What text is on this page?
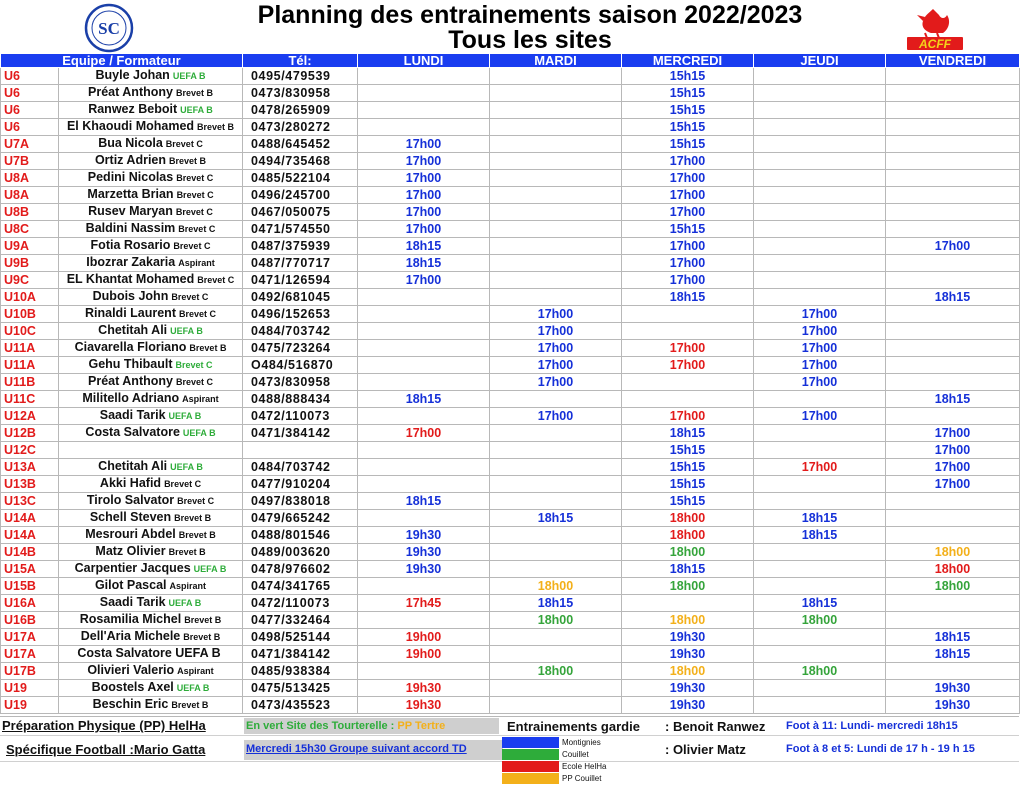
SC	Planning des entrainements saison 2022/2023
Tous les sites	ACFF
Equipe / Formateur		Tél:	LUNDI	MARDI	MERCREDI	JEUDI	VENDREDI
U6	Buyle Johan UEFA B	0495/479539			15h15		
U6	Préat Anthony Brevet B	0473/830958			15h15		
U6	Ranwez Beboit UEFA B	0478/265909			15h15		
U6	El Khaoudi Mohamed Brevet B	0473/280272			15h15		
U7A	Bua Nicola Brevet C	0488/645452	17h00		15h15		
U7B	Ortiz Adrien Brevet B	0494/735468	17h00		17h00		
U8A	Pedini Nicolas Brevet C	0485/522104	17h00		17h00		
U8A	Marzetta Brian Brevet C	0496/245700	17h00		17h00		
U8B	Rusev Maryan Brevet C	0467/050075	17h00		17h00		
U8C	Baldini Nassim Brevet C	0471/574550	17h00		15h15		
U9A	Fotia Rosario Brevet C	0487/375939	18h15		17h00		17h00
U9B	Ibozrar Zakaria Aspirant	0487/770717	18h15		17h00		
U9C	EL Khantat Mohamed Brevet C	0471/126594	17h00		17h00		
U10A	Dubois John Brevet C	0492/681045			18h15		18h15
U10B	Rinaldi Laurent Brevet C	0496/152653		17h00		17h00	
U10C	Chetitah Ali UEFA B	0484/703742		17h00		17h00	
U11A	Ciavarella Floriano Brevet B	0475/723264		17h00	17h00	17h00	
U11A	Gehu Thibault Brevet C	O484/516870		17h00	17h00	17h00	
U11B	Préat Anthony Brevet C	0473/830958		17h00		17h00	
U11C	Militello Adriano Aspirant	0488/888434	18h15				18h15
U12A	Saadi Tarik UEFA B	0472/110073		17h00	17h00	17h00	
U12B	Costa Salvatore UEFA B	0471/384142	17h00		18h15		17h00
U12C					15h15		17h00
U13A	Chetitah Ali UEFA B	0484/703742			15h15	17h00	17h00
U13B	Akki Hafid Brevet C	0477/910204			15h15		17h00
U13C	Tirolo Salvator Brevet C	0497/838018	18h15		15h15		
U14A	Schell Steven Brevet B	0479/665242		18h15	18h00	18h15	
U14A	Mesrouri Abdel Brevet B	0488/801546	19h30		18h00	18h15	
U14B	Matz Olivier Brevet B	0489/003620	19h30		18h00		18h00
U15A	Carpentier Jacques UEFA B	0478/976602	19h30		18h15		18h00
U15B	Gilot Pascal Aspirant	0474/341765		18h00	18h00		18h00
U16A	Saadi Tarik UEFA B	0472/110073	17h45	18h15		18h15	
U16B	Rosamilia Michel Brevet B	0477/332464		18h00	18h00	18h00	
U17A	Dell'Aria Michele Brevet B	0498/525144	19h00		19h30		18h15
U17A	Costa Salvatore UEFA B	0471/384142	19h00		19h30		18h15
U17B	Olivieri Valerio Aspirant	0485/938384		18h00	18h00	18h00	
U19	Boostels Axel UEFA B	0475/513425	19h30		19h30		19h30
U19	Beschin Eric Brevet B	0473/435523	19h30		19h30		19h30
Préparation Physique (PP) HelHa
Spécifique Football :Mario Gatta
En vert Site des Tourterelle : PP Tertre
Mercredi 15h30 Groupe suivant accord TD
Entrainements gardie	: Benoit Ranwez
: Olivier Matz
Foot à 11: Lundi- mercredi 18h15
Foot à 8 et 5: Lundi de 17 h - 19 h 15
Montignies
Couillet
Ecole HelHa
PP Couillet
